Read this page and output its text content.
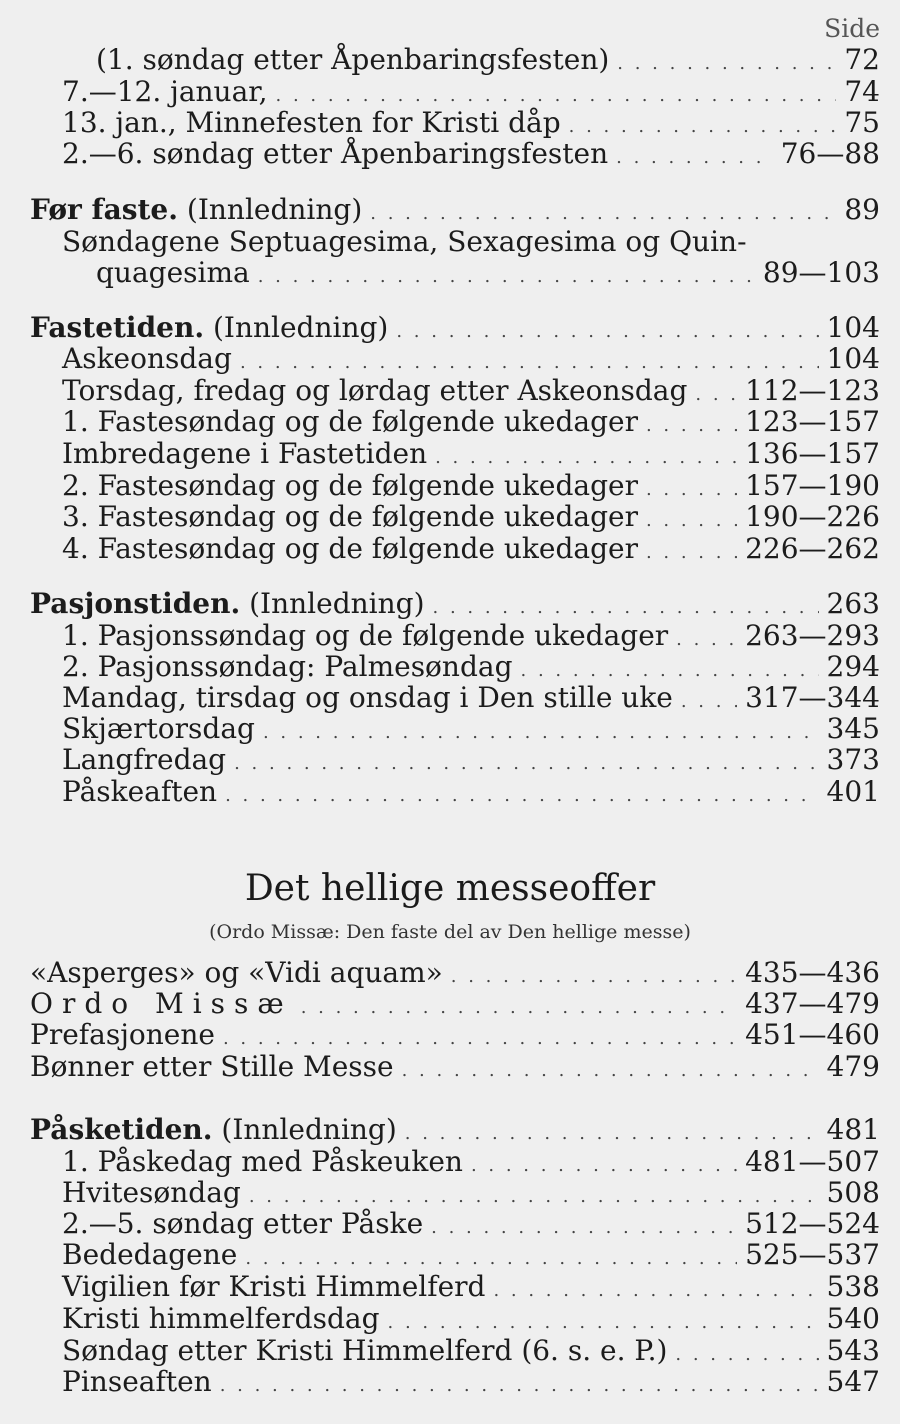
Side
(1. søndag etter Åpenbaringsfesten) . . .	72
7.—12. januar, . . .	74
13. jan., Minnefesten for Kristi dåp . . .	75
2.—6. søndag etter Åpenbaringsfesten . . .	76—88
Før faste. (Innledning) . . .	89
Søndagene Septuagesima, Sexagesima og Quin-
quagesima . . .	89—103
Fastetiden. (Innledning) . . .	104
Askeonsdag . . .	104
Torsdag, fredag og lørdag etter Askeonsdag . . . 112—123
1. Fastesøndag og de følgende ukedager . . .	123—157
Imbredagene i Fastetiden . . .	136—157
2. Fastesøndag og de følgende ukedager . . .	157—190
3. Fastesøndag og de følgende ukedager . . .	190—226
4. Fastesøndag og de følgende ukedager . . .	226—262
Pasjonstiden. (Innledning) . . .	263
1. Pasjonssøndag og de følgende ukedager . . .	263—293
2. Pasjonssøndag: Palmesøndag . . .	294
Mandag, tirsdag og onsdag i Den stille uke . . .	317—344
Skjærtorsdag . . .	345
Langfredag . . .	373
Påskeaften . . .	401
Det hellige messeoffer
(Ordo Missæ: Den faste del av Den hellige messe)
«Asperges» og «Vidi aquam» . . .	435—436
Ordo Missæ . . .	437—479
Prefasjonene . . .	451—460
Bønner etter Stille Messe . . .	479
Påsketiden. (Innledning) . . .	481
1. Påskedag med Påskeuken . . .	481—507
Hvitesøndag . . .	508
2.—5. søndag etter Påske . . .	512—524
Bededagene . . .	525—537
Vigilien før Kristi Himmelferd . . .	538
Kristi himmelferdsdag . . .	540
Søndag etter Kristi Himmelferd (6. s. e. P.) . . .	543
Pinseaften . . .	547
